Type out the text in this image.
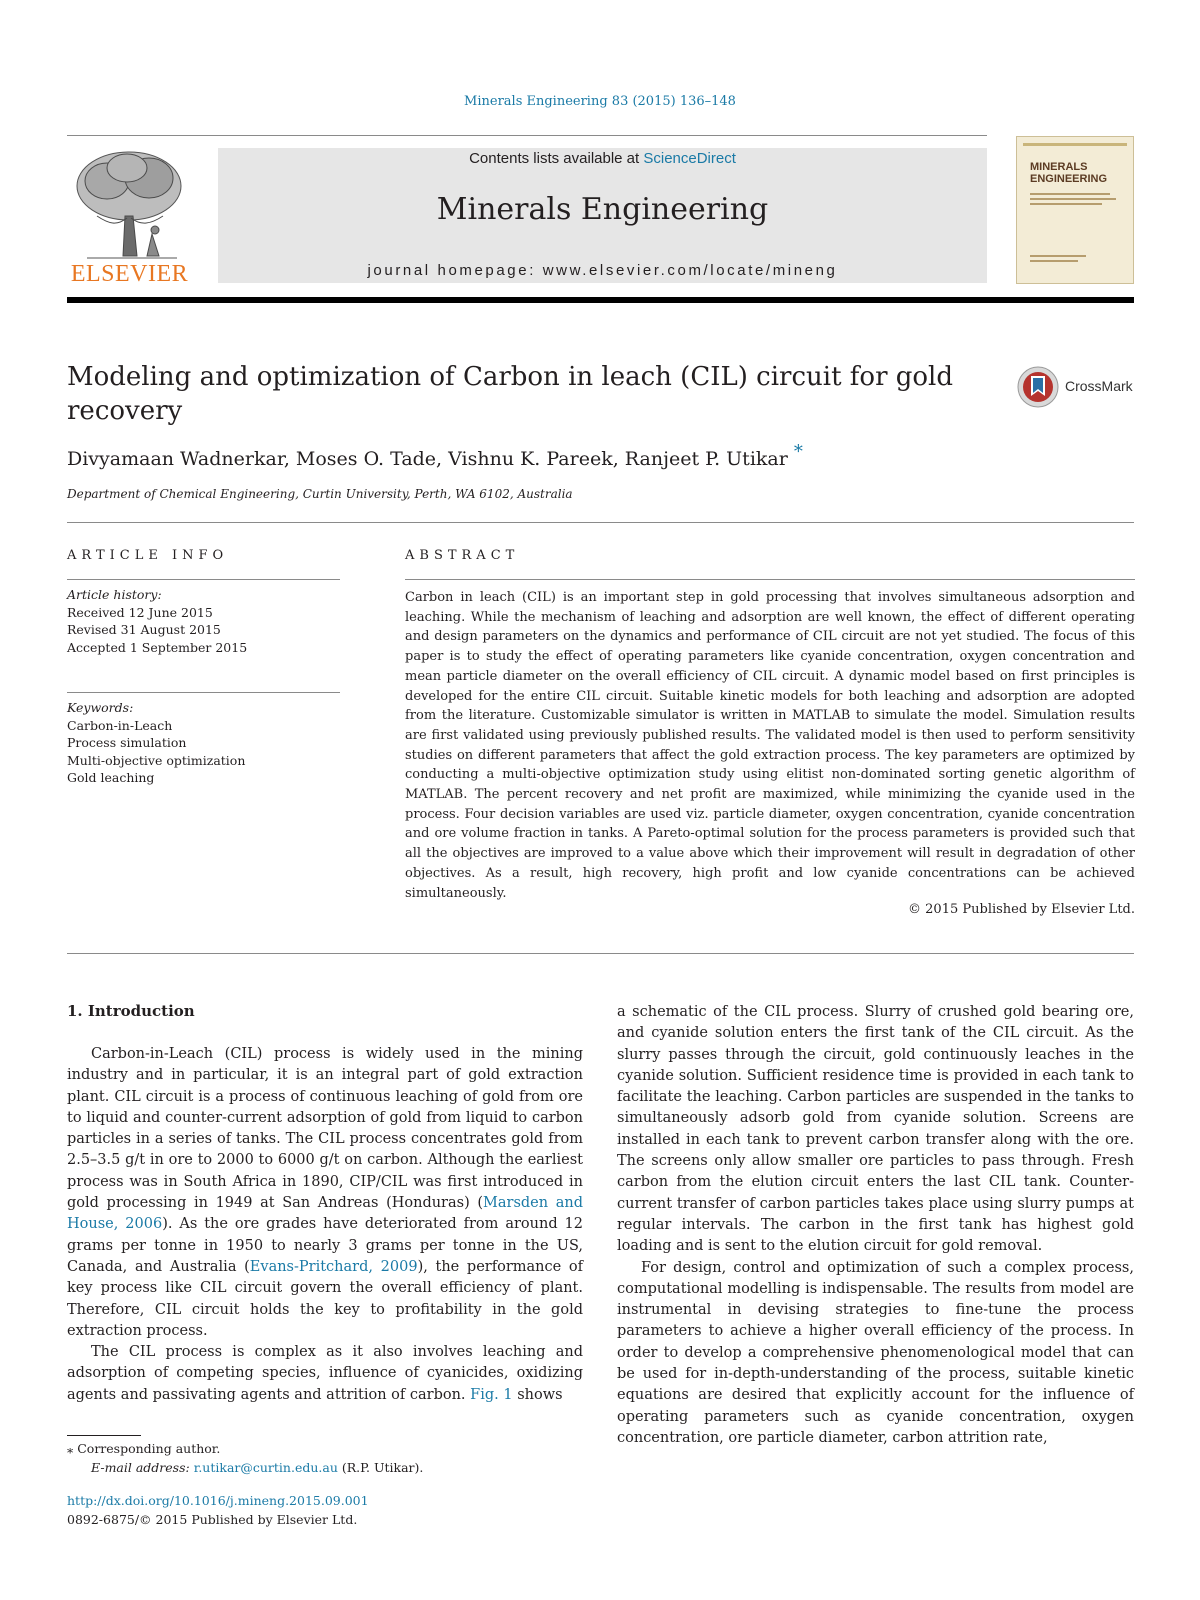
Minerals Engineering 83 (2015) 136–148
ELSEVIER
Contents lists available at ScienceDirect
Minerals Engineering
journal homepage: www.elsevier.com/locate/mineng
MINERALS
ENGINEERING
Modeling and optimization of Carbon in leach (CIL) circuit for gold
recovery
CrossMark
Divyamaan Wadnerkar, Moses O. Tade, Vishnu K. Pareek, Ranjeet P. Utikar *
Department of Chemical Engineering, Curtin University, Perth, WA 6102, Australia
ARTICLE INFO
Article history:
Received 12 June 2015
Revised 31 August 2015
Accepted 1 September 2015
Keywords:
Carbon-in-Leach
Process simulation
Multi-objective optimization
Gold leaching
ABSTRACT
Carbon in leach (CIL) is an important step in gold processing that involves simultaneous adsorption and leaching. While the mechanism of leaching and adsorption are well known, the effect of different operating and design parameters on the dynamics and performance of CIL circuit are not yet studied. The focus of this paper is to study the effect of operating parameters like cyanide concentration, oxygen concentration and mean particle diameter on the overall efficiency of CIL circuit. A dynamic model based on first principles is developed for the entire CIL circuit. Suitable kinetic models for both leaching and adsorption are adopted from the literature. Customizable simulator is written in MATLAB to simulate the model. Simulation results are first validated using previously published results. The validated model is then used to perform sensitivity studies on different parameters that affect the gold extraction process. The key parameters are optimized by conducting a multi-objective optimization study using elitist non-dominated sorting genetic algorithm of MATLAB. The percent recovery and net profit are maximized, while minimizing the cyanide used in the process. Four decision variables are used viz. particle diameter, oxygen concentration, cyanide concentration and ore volume fraction in tanks. A Pareto-optimal solution for the process parameters is provided such that all the objectives are improved to a value above which their improvement will result in degradation of other objectives. As a result, high recovery, high profit and low cyanide concentrations can be achieved simultaneously.
© 2015 Published by Elsevier Ltd.
1. Introduction

Carbon-in-Leach (CIL) process is widely used in the mining industry and in particular, it is an integral part of gold extraction plant. CIL circuit is a process of continuous leaching of gold from ore to liquid and counter-current adsorption of gold from liquid to carbon particles in a series of tanks. The CIL process concentrates gold from 2.5–3.5 g/t in ore to 2000 to 6000 g/t on carbon. Although the earliest process was in South Africa in 1890, CIP/CIL was first introduced in gold processing in 1949 at San Andreas (Honduras) (Marsden and House, 2006). As the ore grades have deteriorated from around 12 grams per tonne in 1950 to nearly 3 grams per tonne in the US, Canada, and Australia (Evans-Pritchard, 2009), the performance of key process like CIL circuit govern the overall efficiency of plant. Therefore, CIL circuit holds the key to profitability in the gold extraction process.

The CIL process is complex as it also involves leaching and adsorption of competing species, influence of cyanicides, oxidizing agents and passivating agents and attrition of carbon. Fig. 1 shows

a schematic of the CIL process. Slurry of crushed gold bearing ore, and cyanide solution enters the first tank of the CIL circuit. As the slurry passes through the circuit, gold continuously leaches in the cyanide solution. Sufficient residence time is provided in each tank to facilitate the leaching. Carbon particles are suspended in the tanks to simultaneously adsorb gold from cyanide solution. Screens are installed in each tank to prevent carbon transfer along with the ore. The screens only allow smaller ore particles to pass through. Fresh carbon from the elution circuit enters the last CIL tank. Counter-current transfer of carbon particles takes place using slurry pumps at regular intervals. The carbon in the first tank has highest gold loading and is sent to the elution circuit for gold removal.

For design, control and optimization of such a complex process, computational modelling is indispensable. The results from model are instrumental in devising strategies to fine-tune the process parameters to achieve a higher overall efficiency of the process. In order to develop a comprehensive phenomenological model that can be used for in-depth-understanding of the process, suitable kinetic equations are desired that explicitly account for the influence of operating parameters such as cyanide concentration, oxygen concentration, ore particle diameter, carbon attrition rate,

⁎ Corresponding author.
E-mail address: r.utikar@curtin.edu.au (R.P. Utikar).
http://dx.doi.org/10.1016/j.mineng.2015.09.001
0892-6875/© 2015 Published by Elsevier Ltd.
